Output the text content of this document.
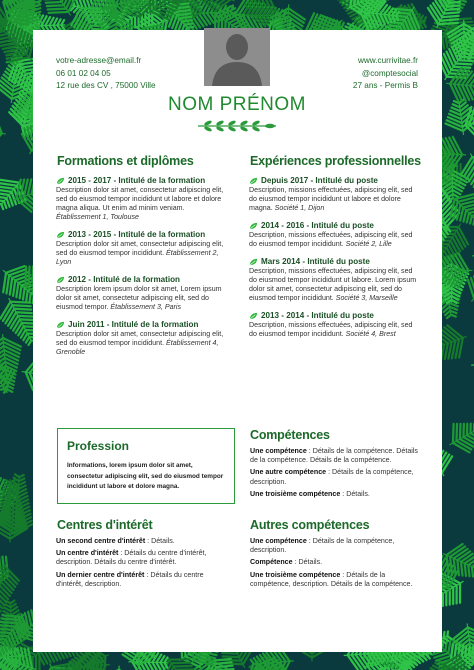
votre-adresse@email.fr
06 01 02 04 05
12 rue des CV , 75000 Ville
www.currivitae.fr
@comptesocial
27 ans - Permis B
NOM PRÉNOM
Formations et diplômes
2015 - 2017 - Intitulé de la formation
Description dolor sit amet, consectetur adipiscing elit, sed do eiusmod tempor incididunt ut labore et dolore magna aliqua. Ut enim ad minim veniam. Établissement 1, Toulouse
2013 - 2015 - Intitulé de la formation
Description dolor sit amet, consectetur adipiscing elit, sed do eiusmod tempor incididunt. Établissement 2, Lyon
2012 - Intitulé de la formation
Description lorem ipsum dolor sit amet, Lorem ipsum dolor sit amet, consectetur adipiscing elit, sed do eiusmod tempor. Établissement 3, Paris
Juin 2011 - Intitulé de la formation
Description dolor sit amet, consectetur adipiscing elit, sed do eiusmod tempor incididunt. Établissement 4, Grenoble
Expériences professionnelles
Depuis 2017 - Intitulé du poste
Description, missions effectuées, adipiscing elit, sed do eiusmod tempor incididunt ut labore et dolore magna. Société 1, Dijon
2014 - 2016 - Intitulé du poste
Description, missions effectuées, adipiscing elit, sed do eiusmod tempor incididunt. Société 2, Lille
Mars 2014 - Intitulé du poste
Description, missions effectuées, adipiscing elit, sed do eiusmod tempor incididunt ut labore. Lorem ipsum dolor sit amet, consectetur adipiscing elit, sed do eiusmod tempor incididunt. Société 3, Marseille
2013 - 2014 - Intitulé du poste
Description, missions effectuées, adipiscing elit, sed do eiusmod tempor incididunt. Société 4, Brest
Profession
Informations, lorem ipsum dolor sit amet, consectetur adipiscing elit, sed do eiusmod tempor incididunt ut labore et dolore magna.
Compétences
Une compétence : Détails de la compétence. Détails de la compétence. Détails de la compétence.
Une autre compétence : Détails de la compétence, description.
Une troisième compétence : Détails.
Centres d'intérêt
Un second centre d'intérêt : Détails.
Un centre d'intérêt : Détails du centre d'intérêt, description. Détails du centre d'intérêt.
Un dernier centre d'intérêt : Détails du centre d'intérêt, description.
Autres compétences
Une compétence : Détails de la compétence, description.
Compétence : Détails.
Une troisième compétence : Détails de la compétence, description. Détails de la compétence.
